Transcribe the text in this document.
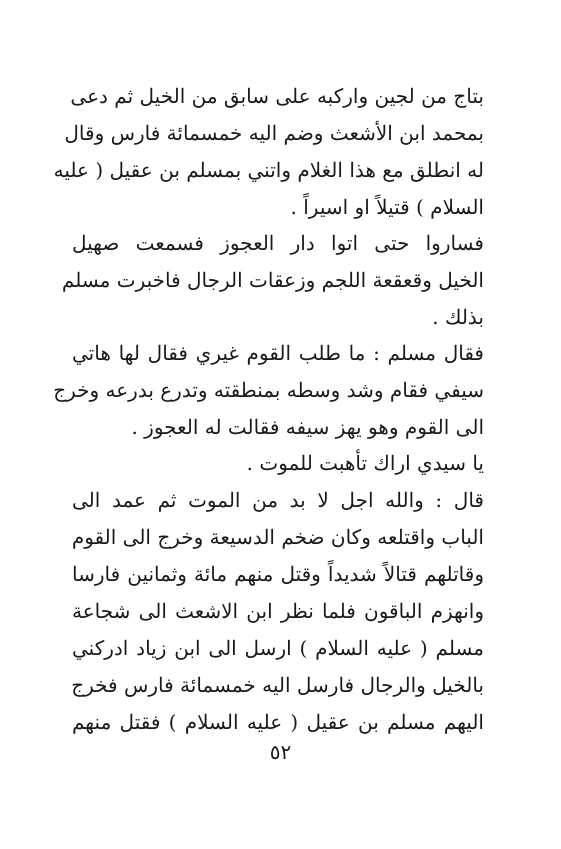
بتاج من لجين واركبه على سابق من الخيل ثم دعى
بمحمد ابن الأشعث وضم اليه خمسمائة فارس وقال
له انطلق مع هذا الغلام واتني بمسلم بن عقيل ( عليه
السلام ) قتيلاً او اسيراً .
فساروا حتى اتوا دار العجوز فسمعت صهيل
الخيل وقعقعة اللجم وزعقات الرجال فاخبرت مسلم
بذلك .
فقال مسلم : ما طلب القوم غيري فقال لها هاتي
سيفي فقام وشد وسطه بمنطقته وتدرع بدرعه وخرج
الى القوم وهو يهز سيفه فقالت له العجوز .
يا سيدي اراك تأهبت للموت .
قال : والله اجل لا بد من الموت ثم عمد الى
الباب واقتلعه وكان ضخم الدسيعة وخرج الى القوم
وقاتلهم قتالاً شديداً وقتل منهم مائة وثمانين فارسا
وانهزم الباقون فلما نظر ابن الاشعث الى شجاعة
مسلم ( عليه السلام ) ارسل الى ابن زياد ادركني
بالخيل والرجال فارسل اليه خمسمائة فارس فخرج
اليهم مسلم بن عقيل ( عليه السلام ) فقتل منهم
٥٢
